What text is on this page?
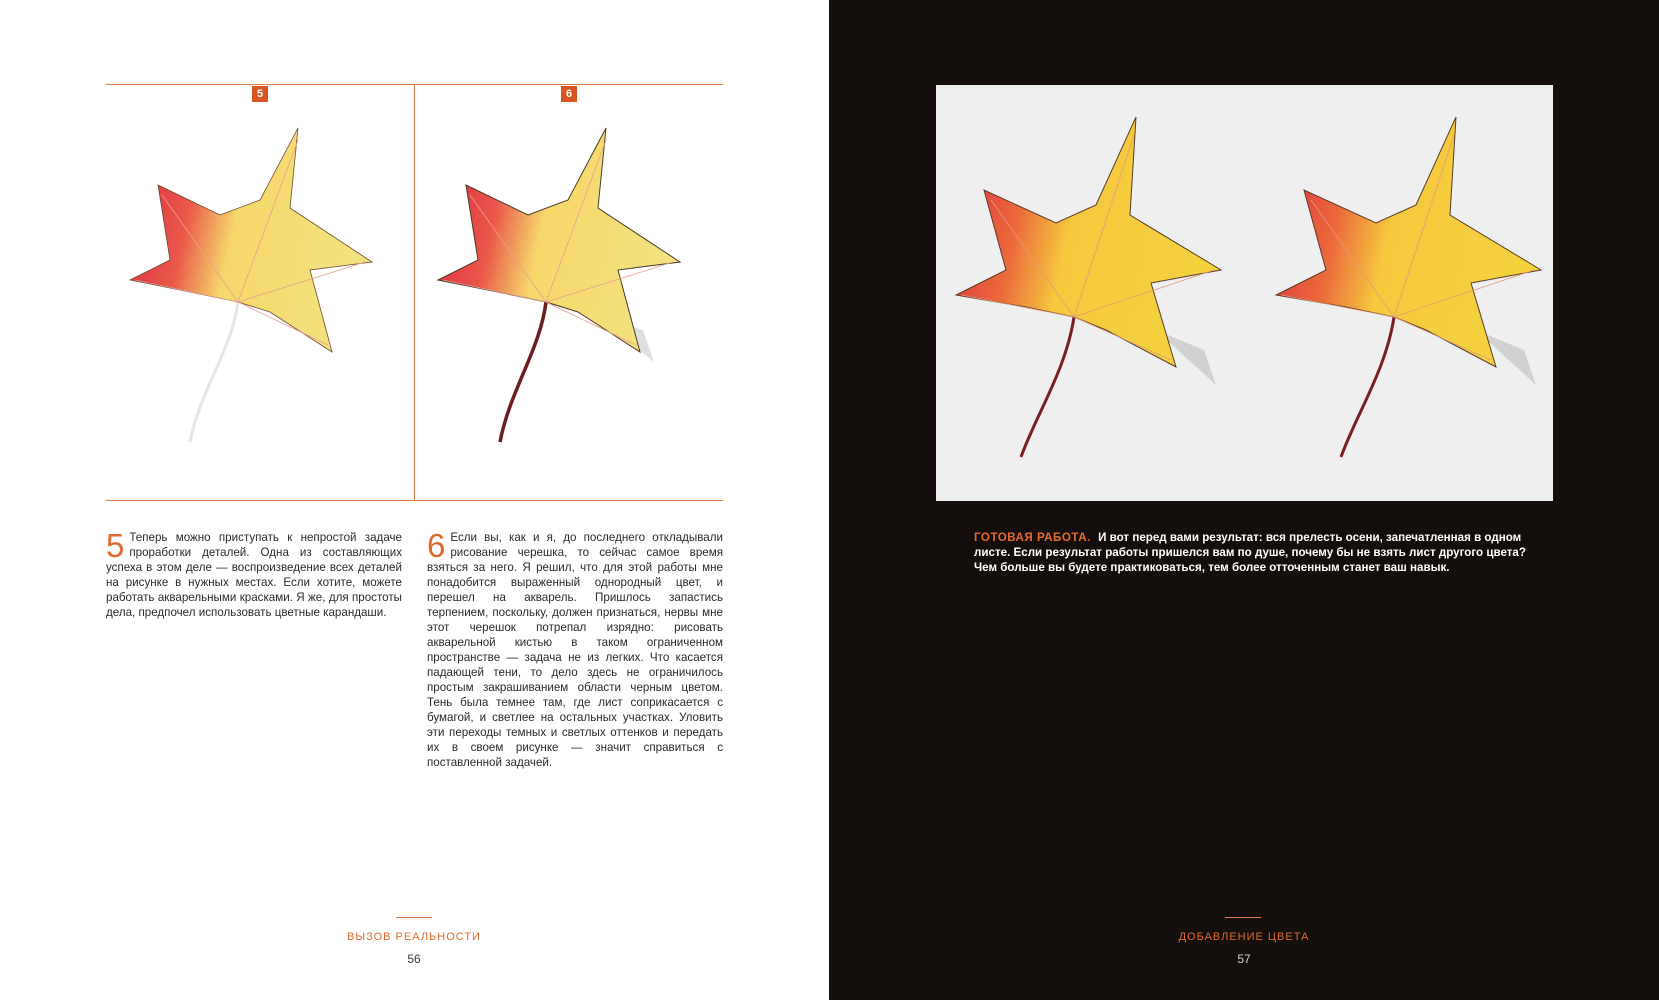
5	6
5 Теперь можно приступать к непростой задаче проработки деталей. Одна из составляющих успеха в этом деле — воспроизведение всех деталей на рисунке в нужных местах. Если хотите, можете работать акварельными красками. Я же, для простоты дела, предпочел использовать цветные карандаши.
6 Если вы, как и я, до последнего откладывали рисование черешка, то сейчас самое время взяться за него. Я решил, что для этой работы мне понадобится выраженный однородный цвет, и перешел на акварель. Пришлось запастись терпением, поскольку, должен признаться, нервы мне этот черешок потрепал изрядно: рисовать акварельной кистью в таком ограниченном пространстве — задача не из легких. Что касается падающей тени, то дело здесь не ограничилось простым закрашиванием области черным цветом. Тень была темнее там, где лист соприкасается с бумагой, и светлее на остальных участках. Уловить эти переходы темных и светлых оттенков и передать их в своем рисунке — значит справиться с поставленной задачей.
ВЫЗОВ РЕАЛЬНОСТИ
56
ГОТОВАЯ РАБОТА. И вот перед вами результат: вся прелесть осени, запечатленная в одном листе. Если результат работы пришелся вам по душе, почему бы не взять лист другого цвета? Чем больше вы будете практиковаться, тем более отточенным станет ваш навык.
ДОБАВЛЕНИЕ ЦВЕТА
57
